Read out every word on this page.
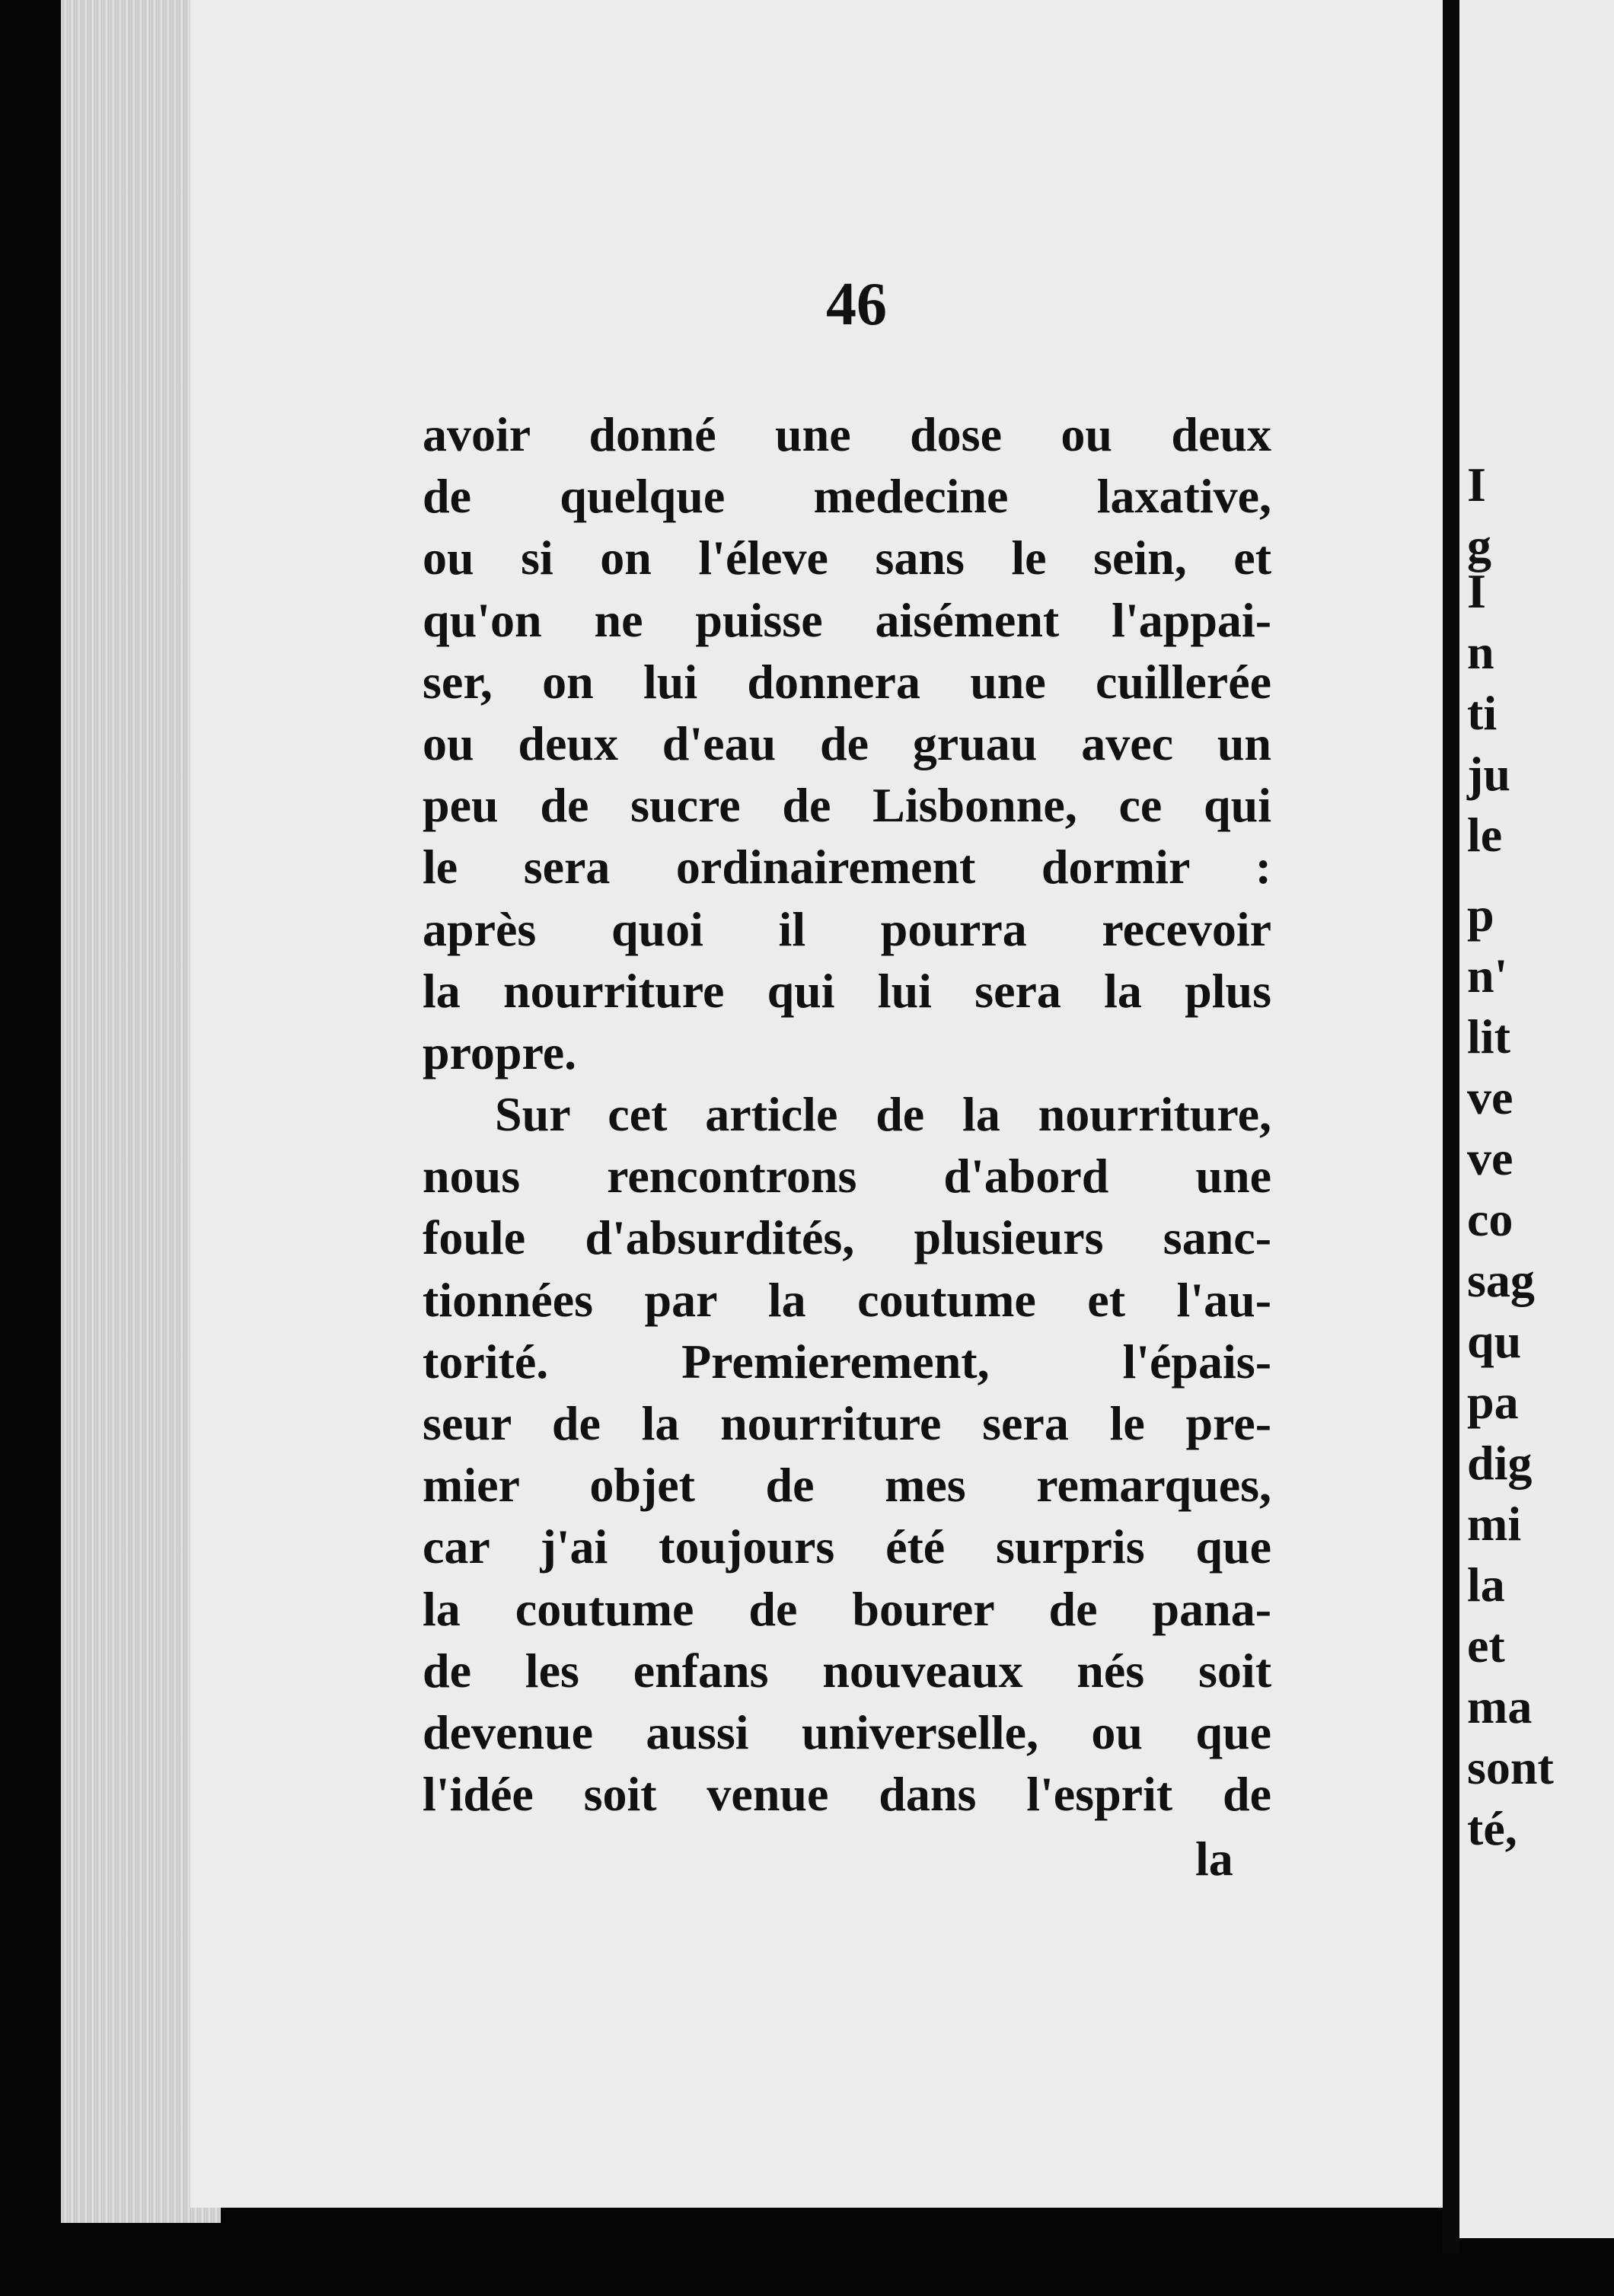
I
g
I
n
ti
ju
le
p
n'
lit
ve
ve
co
sag
qu
pa
dig
mi
la
et
ma
sont
té,
46
avoir donné une dose ou deux
de quelque medecine laxative,
ou si on l'éleve sans le sein, et
qu'on ne puisse aisément l'appai-
ser, on lui donnera une cuillerée
ou deux d'eau de gruau avec un
peu de sucre de Lisbonne, ce qui
le sera ordinairement dormir :
après quoi il pourra recevoir
la nourriture qui lui sera la plus
propre.
Sur cet article de la nourriture,
nous rencontrons d'abord une
foule d'absurdités, plusieurs sanc-
tionnées par la coutume et l'au-
torité. Premierement, l'épais-
seur de la nourriture sera le pre-
mier objet de mes remarques,
car j'ai toujours été surpris que
la coutume de bourer de pana-
de les enfans nouveaux nés soit
devenue aussi universelle, ou que
l'idée soit venue dans l'esprit de
la
